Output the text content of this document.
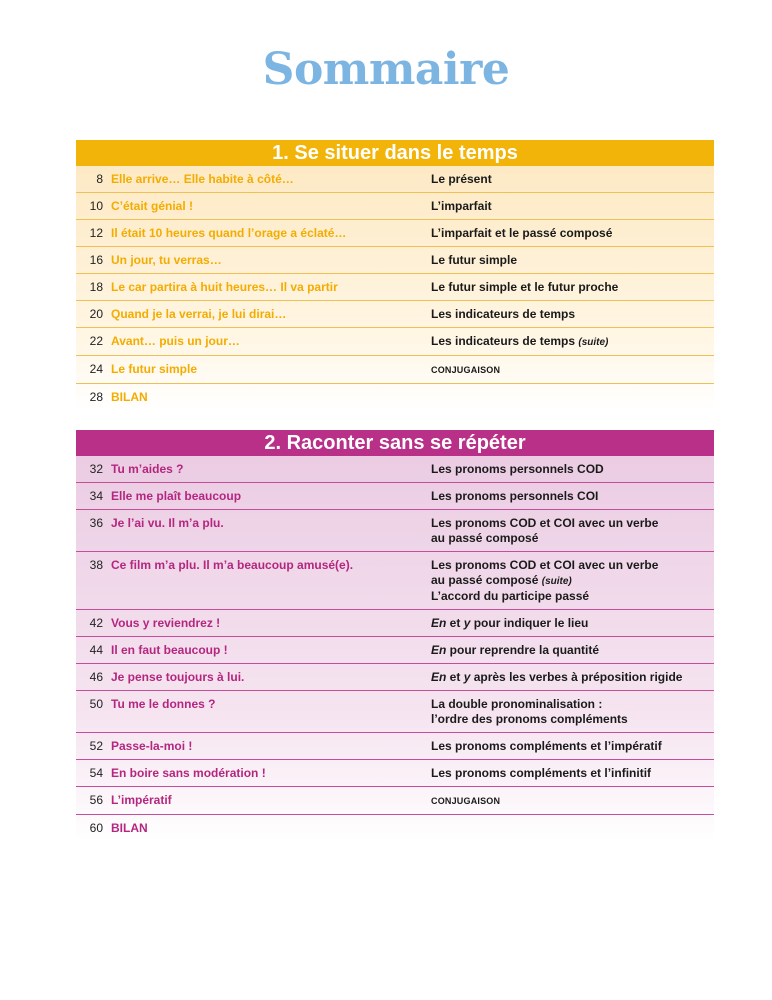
Sommaire
1. Se situer dans le temps
8 Elle arrive… Elle habite à côté…	Le présent
10 C’était génial !	L’imparfait
12 Il était 10 heures quand l’orage a éclaté…	L’imparfait et le passé composé
16 Un jour, tu verras…	Le futur simple
18 Le car partira à huit heures… Il va partir	Le futur simple et le futur proche
20 Quand je la verrai, je lui dirai…	Les indicateurs de temps
22 Avant… puis un jour…	Les indicateurs de temps (suite)
24 Le futur simple	CONJUGAISON
28 BILAN
2. Raconter sans se répéter
32 Tu m’aides ?	Les pronoms personnels COD
34 Elle me plaît beaucoup	Les pronoms personnels COI
36 Je l’ai vu. Il m’a plu.	Les pronoms COD et COI avec un verbe
au passé composé
38 Ce film m’a plu. Il m’a beaucoup amusé(e).	Les pronoms COD et COI avec un verbe
au passé composé (suite)
L’accord du participe passé
42 Vous y reviendrez !	En et y pour indiquer le lieu
44 Il en faut beaucoup !	En pour reprendre la quantité
46 Je pense toujours à lui.	En et y après les verbes à préposition rigide
50 Tu me le donnes ?	La double pronominalisation :
l’ordre des pronoms compléments
52 Passe-la-moi !	Les pronoms compléments et l’impératif
54 En boire sans modération !	Les pronoms compléments et l’infinitif
56 L’impératif	CONJUGAISON
60 BILAN
